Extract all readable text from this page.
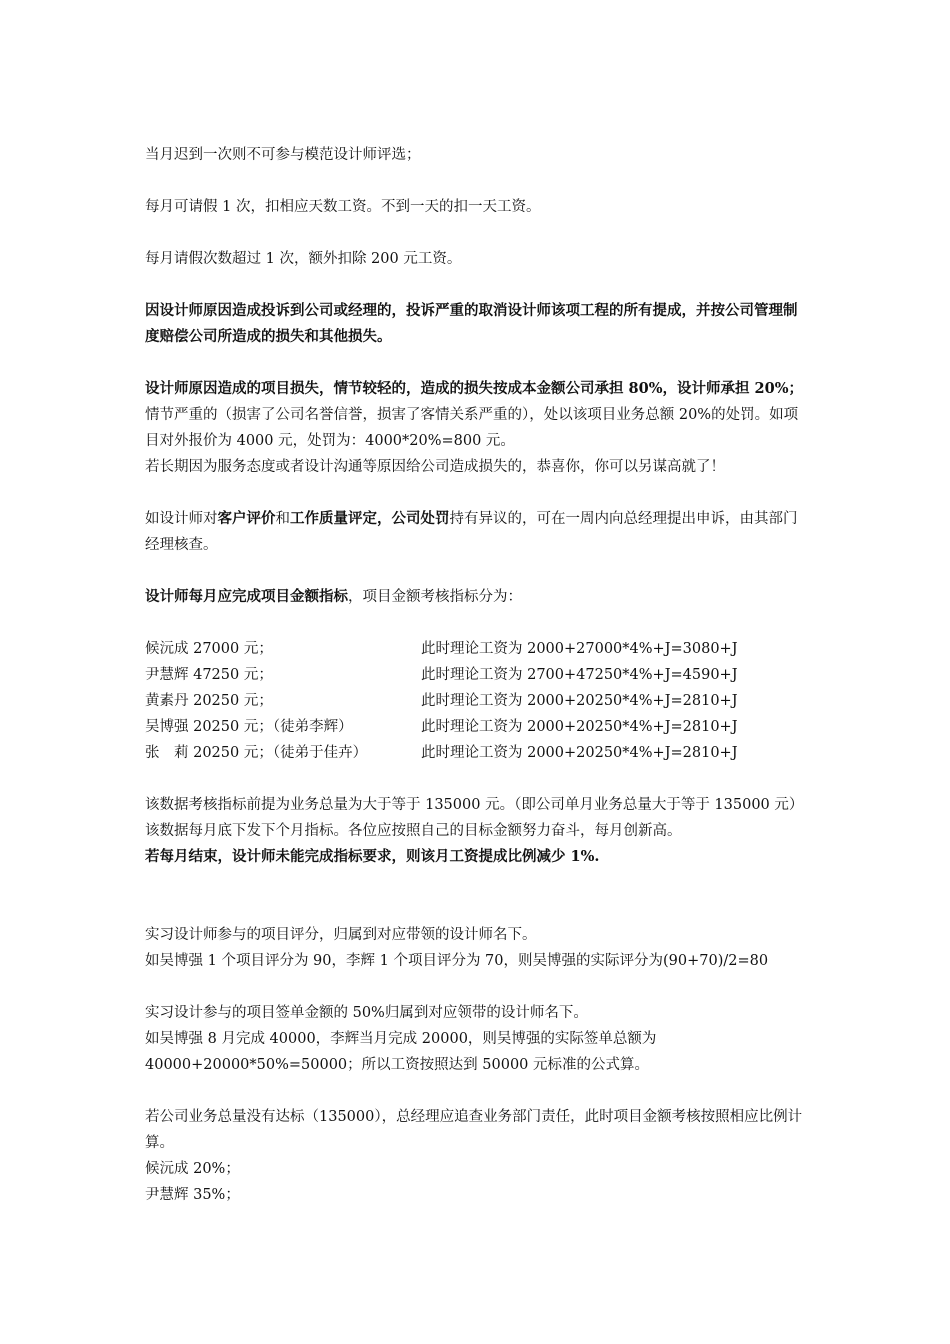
当月迟到一次则不可参与模范设计师评选；

每月可请假 1 次，扣相应天数工资。不到一天的扣一天工资。

每月请假次数超过 1 次，额外扣除 200 元工资。

因设计师原因造成投诉到公司或经理的，投诉严重的取消设计师该项工程的所有提成，并按公司管理制度赔偿公司所造成的损失和其他损失。

设计师原因造成的项目损失，情节较轻的，造成的损失按成本金额公司承担 80%，设计师承担 20%；

情节严重的（损害了公司名誉信誉，损害了客情关系严重的），处以该项目业务总额 20%的处罚。如项目对外报价为 4000 元，处罚为：4000*20%=800 元。

若长期因为服务态度或者设计沟通等原因给公司造成损失的，恭喜你，你可以另谋高就了！

如设计师对客户评价和工作质量评定，公司处罚持有异议的，可在一周内向总经理提出申诉，由其部门经理核查。

设计师每月应完成项目金额指标，项目金额考核指标分为：

候沅成 27000 元；	此时理论工资为 2000+27000*4%+J=3080+J
尹慧辉 47250 元；	此时理论工资为 2700+47250*4%+J=4590+J
黄素丹 20250 元；	此时理论工资为 2000+20250*4%+J=2810+J
吴博强 20250 元；（徒弟李辉）	此时理论工资为 2000+20250*4%+J=2810+J
张　莉 20250 元；（徒弟于佳卉）	此时理论工资为 2000+20250*4%+J=2810+J

该数据考核指标前提为业务总量为大于等于 135000 元。（即公司单月业务总量大于等于 135000 元）

该数据每月底下发下个月指标。各位应按照自己的目标金额努力奋斗，每月创新高。

若每月结束，设计师未能完成指标要求，则该月工资提成比例减少 1%.

实习设计师参与的项目评分，归属到对应带领的设计师名下。

如吴博强 1 个项目评分为 90，李辉 1 个项目评分为 70，则吴博强的实际评分为(90+70)/2=80

实习设计参与的项目签单金额的 50%归属到对应领带的设计师名下。

如吴博强 8 月完成 40000，李辉当月完成 20000，则吴博强的实际签单总额为

40000+20000*50%=50000；所以工资按照达到 50000 元标准的公式算。

若公司业务总量没有达标（135000），总经理应追查业务部门责任，此时项目金额考核按照相应比例计算。

候沅成 20%；

尹慧辉 35%；
